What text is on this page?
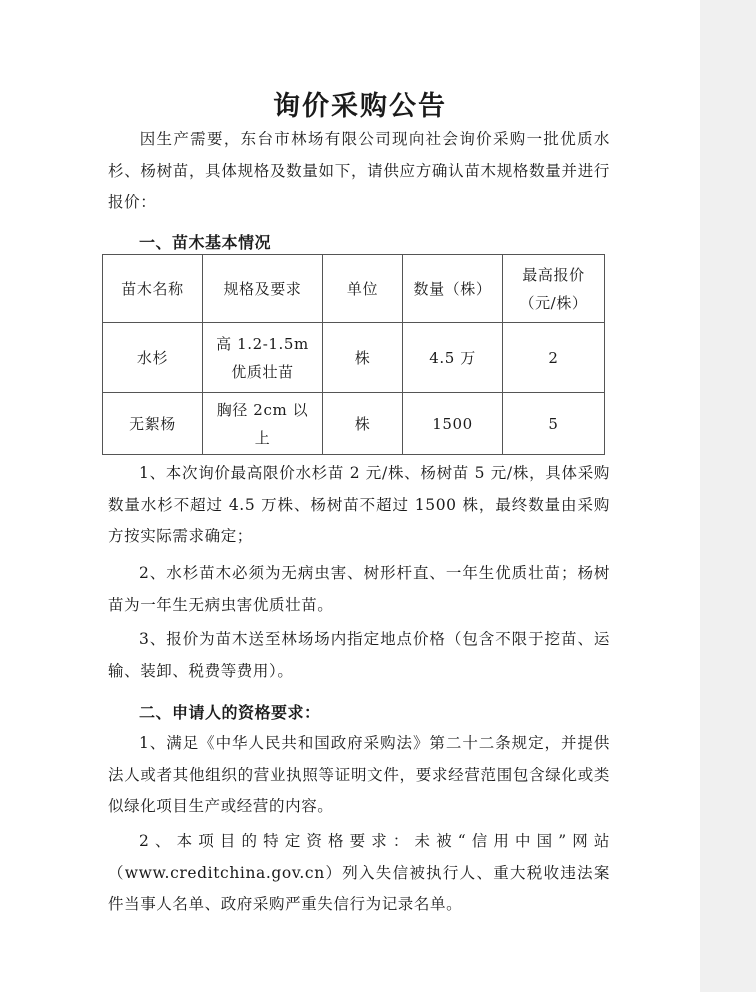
询价采购公告

因生产需要，东台市林场有限公司现向社会询价采购一批优质水杉、杨树苗，具体规格及数量如下，请供应方确认苗木规格数量并进行报价：

一、苗木基本情况
苗木名称	规格及要求	单位	数量（株）	最高报价（元/株）
水杉	高 1.2-1.5m 优质壮苗	株	4.5 万	2
无絮杨	胸径 2cm 以上	株	1500	5

1、本次询价最高限价水杉苗 2 元/株、杨树苗 5 元/株，具体采购数量水杉不超过 4.5 万株、杨树苗不超过 1500 株，最终数量由采购方按实际需求确定；

2、水杉苗木必须为无病虫害、树形杆直、一年生优质壮苗；杨树苗为一年生无病虫害优质壮苗。

3、报价为苗木送至林场场内指定地点价格（包含不限于挖苗、运输、装卸、税费等费用）。

二、申请人的资格要求：

1、满足《中华人民共和国政府采购法》第二十二条规定，并提供法人或者其他组织的营业执照等证明文件，要求经营范围包含绿化或类似绿化项目生产或经营的内容。

2、本项目的特定资格要求：未被“信用中国”网站（www.creditchina.gov.cn）列入失信被执行人、重大税收违法案件当事人名单、政府采购严重失信行为记录名单。
